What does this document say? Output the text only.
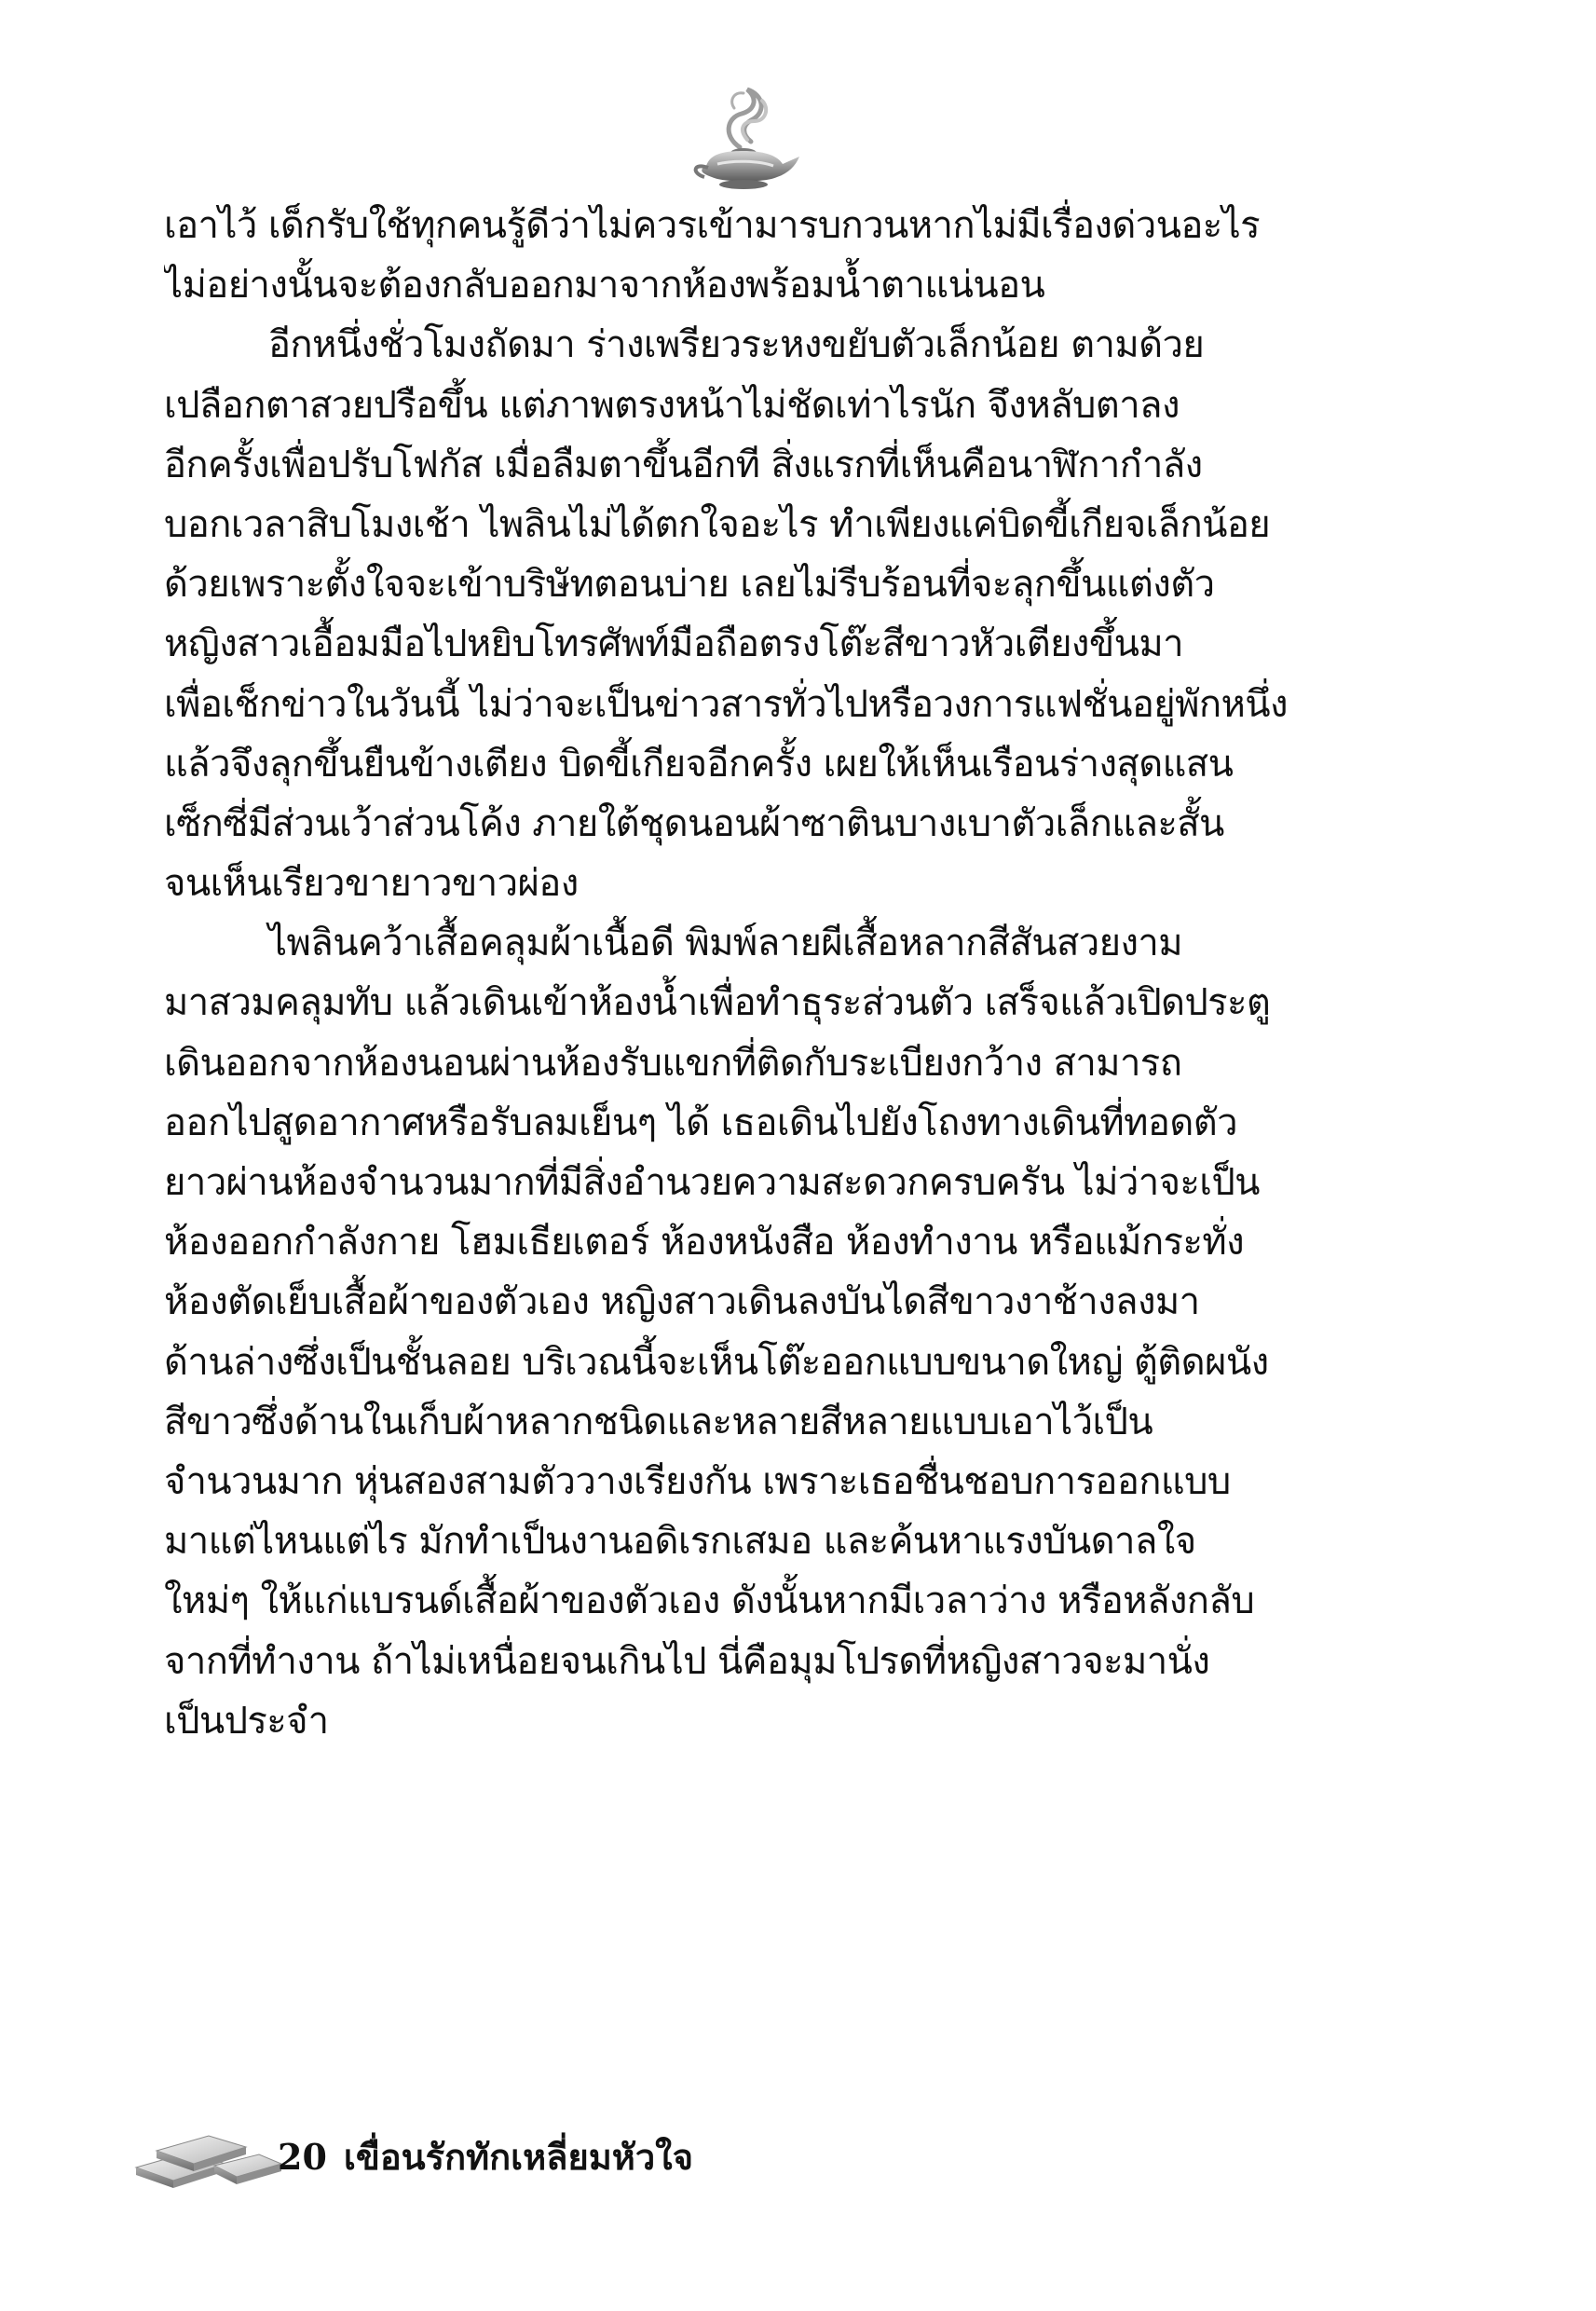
เอาไว้ เด็กรับใช้ทุกคนรู้ดีว่าไม่ควรเข้ามารบกวนหากไม่มีเรื่องด่วนอะไร
ไม่อย่างนั้นจะต้องกลับออกมาจากห้องพร้อมน้ำตาแน่นอน
อีกหนึ่งชั่วโมงถัดมา ร่างเพรียวระหงขยับตัวเล็กน้อย ตามด้วย
เปลือกตาสวยปรือขึ้น แต่ภาพตรงหน้าไม่ชัดเท่าไรนัก จึงหลับตาลง
อีกครั้งเพื่อปรับโฟกัส เมื่อลืมตาขึ้นอีกที สิ่งแรกที่เห็นคือนาฬิกากำลัง
บอกเวลาสิบโมงเช้า ไพลินไม่ได้ตกใจอะไร ทำเพียงแค่บิดขี้เกียจเล็กน้อย
ด้วยเพราะตั้งใจจะเข้าบริษัทตอนบ่าย เลยไม่รีบร้อนที่จะลุกขึ้นแต่งตัว
หญิงสาวเอื้อมมือไปหยิบโทรศัพท์มือถือตรงโต๊ะสีขาวหัวเตียงขึ้นมา
เพื่อเช็กข่าวในวันนี้ ไม่ว่าจะเป็นข่าวสารทั่วไปหรือวงการแฟชั่นอยู่พักหนึ่ง
แล้วจึงลุกขึ้นยืนข้างเตียง บิดขี้เกียจอีกครั้ง เผยให้เห็นเรือนร่างสุดแสน
เซ็กซี่มีส่วนเว้าส่วนโค้ง ภายใต้ชุดนอนผ้าซาตินบางเบาตัวเล็กและสั้น
จนเห็นเรียวขายาวขาวผ่อง
ไพลินคว้าเสื้อคลุมผ้าเนื้อดี พิมพ์ลายผีเสื้อหลากสีสันสวยงาม
มาสวมคลุมทับ แล้วเดินเข้าห้องน้ำเพื่อทำธุระส่วนตัว เสร็จแล้วเปิดประตู
เดินออกจากห้องนอนผ่านห้องรับแขกที่ติดกับระเบียงกว้าง สามารถ
ออกไปสูดอากาศหรือรับลมเย็นๆ ได้ เธอเดินไปยังโถงทางเดินที่ทอดตัว
ยาวผ่านห้องจำนวนมากที่มีสิ่งอำนวยความสะดวกครบครัน ไม่ว่าจะเป็น
ห้องออกกำลังกาย โฮมเธียเตอร์ ห้องหนังสือ ห้องทำงาน หรือแม้กระทั่ง
ห้องตัดเย็บเสื้อผ้าของตัวเอง หญิงสาวเดินลงบันไดสีขาวงาช้างลงมา
ด้านล่างซึ่งเป็นชั้นลอย บริเวณนี้จะเห็นโต๊ะออกแบบขนาดใหญ่ ตู้ติดผนัง
สีขาวซึ่งด้านในเก็บผ้าหลากชนิดและหลายสีหลายแบบเอาไว้เป็น
จำนวนมาก หุ่นสองสามตัววางเรียงกัน เพราะเธอชื่นชอบการออกแบบ
มาแต่ไหนแต่ไร มักทำเป็นงานอดิเรกเสมอ และค้นหาแรงบันดาลใจ
ใหม่ๆ ให้แก่แบรนด์เสื้อผ้าของตัวเอง ดังนั้นหากมีเวลาว่าง หรือหลังกลับ
จากที่ทำงาน ถ้าไม่เหนื่อยจนเกินไป นี่คือมุมโปรดที่หญิงสาวจะมานั่ง
เป็นประจำ
20 เขื่อนรักทักเหลี่ยมหัวใจ
